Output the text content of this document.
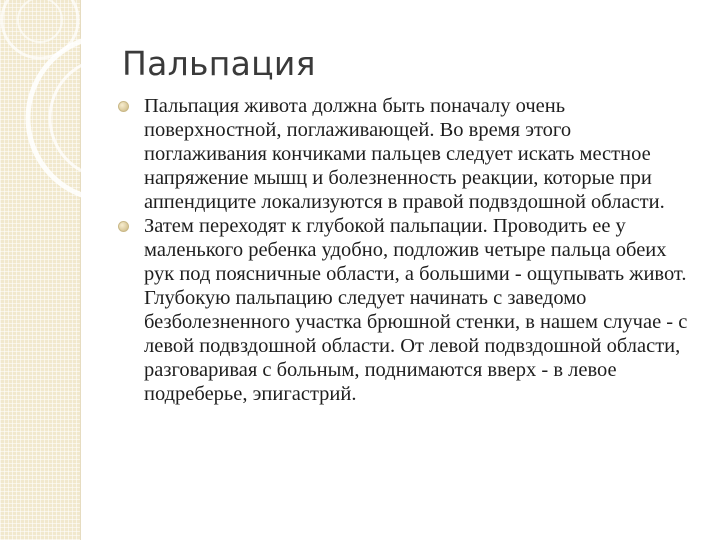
Пальпация
Пальпация живота должна быть поначалу очень поверхностной, поглаживающей. Во время этого поглаживания кончиками пальцев следует искать местное напряжение мышц и болезненность реакции, которые при аппендиците локализуются в правой подвздошной области.
Затем переходят к глубокой пальпации. Проводить ее у маленького ребенка удобно, подложив четыре пальца обеих рук под поясничные области, а большими - ощупывать живот. Глубокую пальпацию следует начинать с заведомо безболезненного участка брюшной стенки, в нашем случае - с левой подвздошной области. От левой подвздошной области, разговаривая с больным, поднимаются вверх - в левое подреберье, эпигастрий.
